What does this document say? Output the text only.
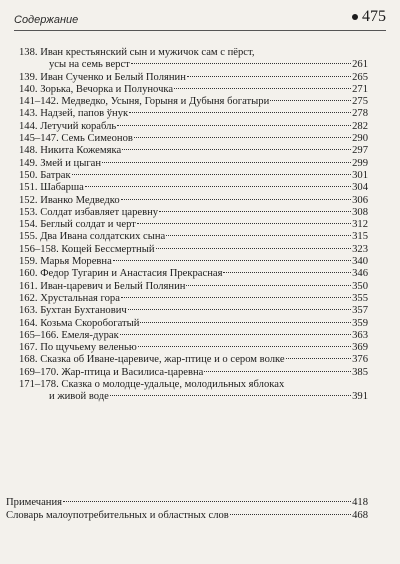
Содержание	475
138. Иван крестьянский сын и мужичок сам с пёрст,
усы на семь верст	261
139. Иван Сученко и Белый Полянин	265
140. Зорька, Вечорка и Полуночка	271
141–142. Медведко, Усыня, Горыня и Дубыня богатыри	275
143. Надзей, папов ўнук	278
144. Летучий корабль	282
145–147. Семь Симеонов	290
148. Никита Кожемяка	297
149. Змей и цыган	299
150. Батрак	301
151. Шабарша	304
152. Иванко Медведко	306
153. Солдат избавляет царевну	308
154. Беглый солдат и черт	312
155. Два Ивана солдатских сына	315
156–158. Кощей Бессмертный	323
159. Марья Моревна	340
160. Федор Тугарин и Анастасия Прекрасная	346
161. Иван-царевич и Белый Полянин	350
162. Хрустальная гора	355
163. Бухтан Бухтанович	357
164. Козьма Скоробогатый	359
165–166. Емеля-дурак	363
167. По щучьему веленью	369
168. Сказка об Иване-царевиче, жар-птице и о сером волке	376
169–170. Жар-птица и Василиса-царевна	385
171–178. Сказка о молодце-удальце, молодильных яблоках
и живой воде	391
Примечания	418
Словарь малоупотребительных и областных слов	468
